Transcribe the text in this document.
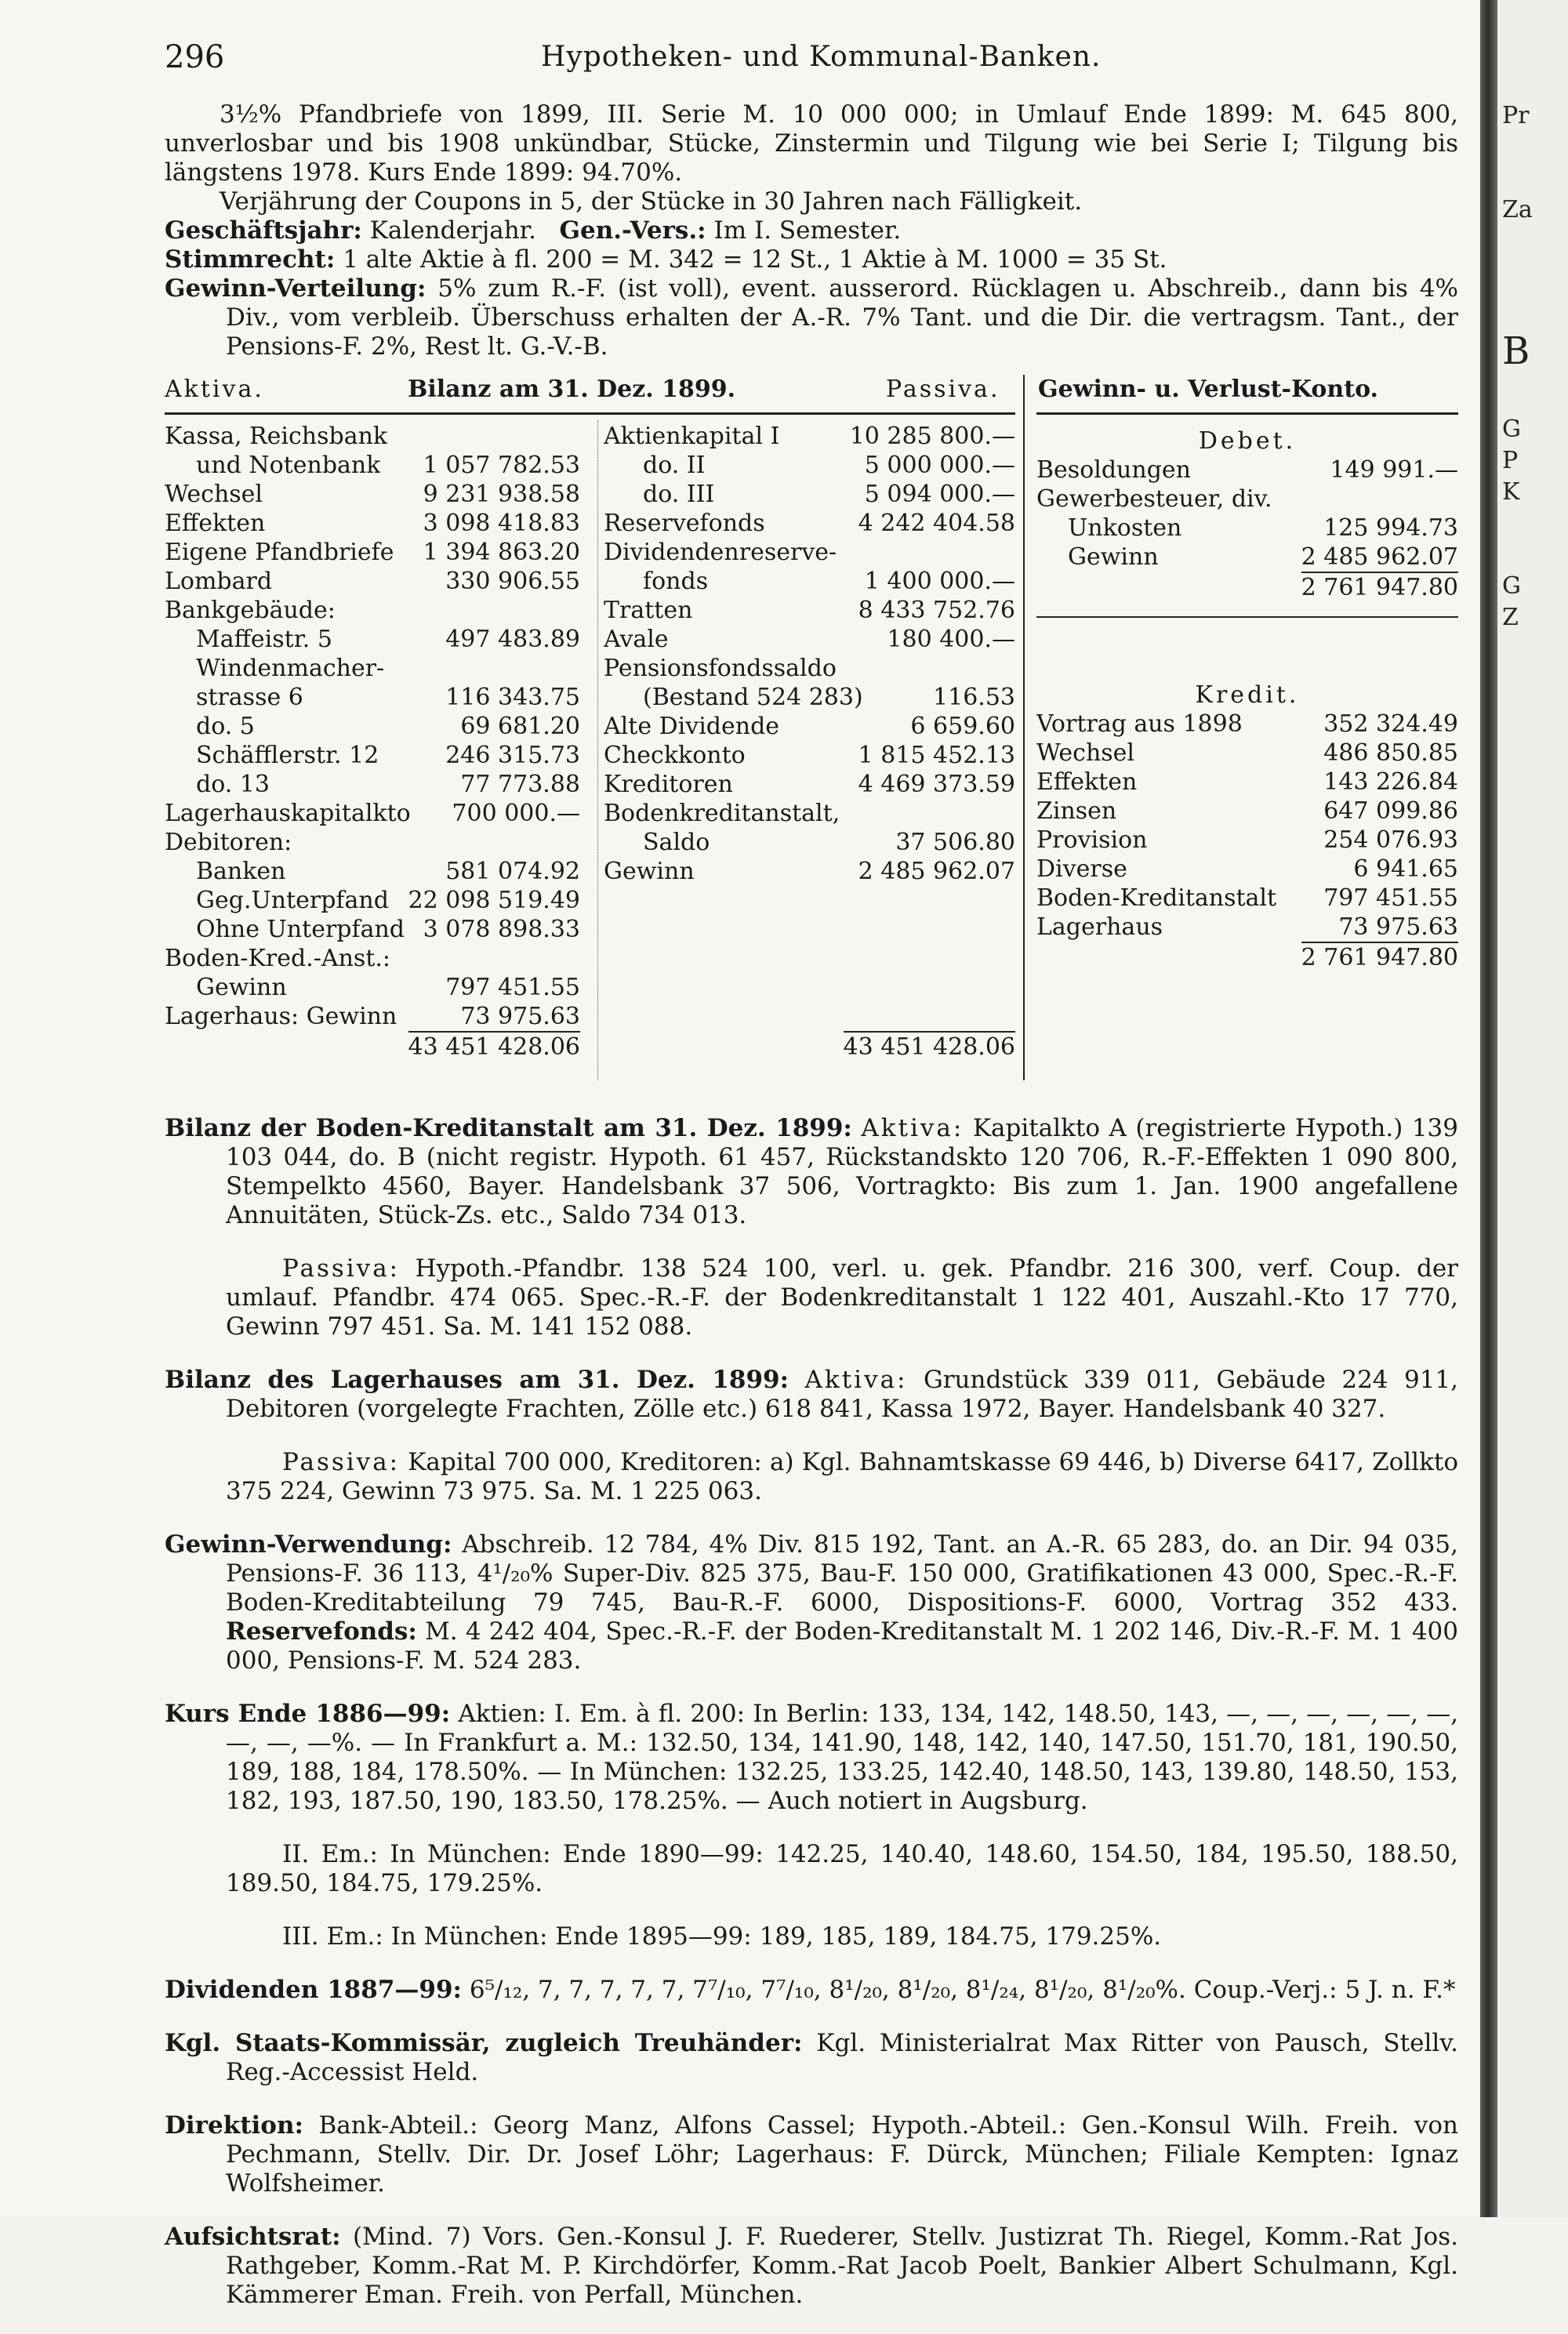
296	Hypotheken- und Kommunal-Banken.

3½% Pfandbriefe von 1899, III. Serie M. 10 000 000; in Umlauf Ende 1899: M. 645 800, unverlosbar und bis 1908 unkündbar, Stücke, Zinstermin und Tilgung wie bei Serie I; Tilgung bis längstens 1978. Kurs Ende 1899: 94.70%.

Verjährung der Coupons in 5, der Stücke in 30 Jahren nach Fälligkeit.

Geschäftsjahr: Kalenderjahr. Gen.-Vers.: Im I. Semester.

Stimmrecht: 1 alte Aktie à fl. 200 = M. 342 = 12 St., 1 Aktie à M. 1000 = 35 St.

Gewinn-Verteilung: 5% zum R.-F. (ist voll), event. ausserord. Rücklagen u. Abschreib., dann bis 4% Div., vom verbleib. Überschuss erhalten der A.-R. 7% Tant. und die Dir. die vertragsm. Tant., der Pensions-F. 2%, Rest lt. G.-V.-B.

Aktiva.	Bilanz am 31. Dez. 1899.	Passiva. Gewinn- u. Verlust-Konto.
Kassa, Reichsbank
und Notenbank 1 057 782.53
Wechsel	9 231 938.58
Effekten	3 098 418.83
Eigene Pfandbriefe 1 394 863.20
Lombard	330 906.55
Bankgebäude:
Maffeistr. 5	497 483.89
Windenmacher-
strasse 6	116 343.75
do. 5	69 681.20
Schäfflerstr. 12	246 315.73
do. 13	77 773.88
Lagerhauskapitalkto 700 000.—
Debitoren:
Banken	581 074.92
Geg.Unterpfand 22 098 519.49
Ohne Unterpfand 3 078 898.33
Boden-Kred.-Anst.:
Gewinn	797 451.55
Lagerhaus: Gewinn	73 975.63
43 451 428.06
Aktienkapital I	10 285 800.—
do. II	5 000 000.—
do. III	5 094 000.—
Reservefonds	4 242 404.58
Dividendenreserve-
fonds	1 400 000.—
Tratten	8 433 752.76
Avale	180 400.—
Pensionsfondssaldo
(Bestand 524 283)	116.53
Alte Dividende	6 659.60
Checkkonto	1 815 452.13
Kreditoren	4 469 373.59
Bodenkreditanstalt,
Saldo	37 506.80
Gewinn	2 485 962.07
43 451 428.06
Debet.
Besoldungen	149 991.—
Gewerbesteuer, div.
Unkosten	125 994.73
Gewinn	2 485 962.07
2 761 947.80
Kredit.
Vortrag aus 1898	352 324.49
Wechsel	486 850.85
Effekten	143 226.84
Zinsen	647 099.86
Provision	254 076.93
Diverse	6 941.65
Boden-Kreditanstalt 797 451.55
Lagerhaus	73 975.63
2 761 947.80

Bilanz der Boden-Kreditanstalt am 31. Dez. 1899: Aktiva: Kapitalkto A (registrierte Hypoth.) 139 103 044, do. B (nicht registr. Hypoth. 61 457, Rückstandskto 120 706, R.-F.-Effekten 1 090 800, Stempelkto 4560, Bayer. Handelsbank 37 506, Vortragkto: Bis zum 1. Jan. 1900 angefallene Annuitäten, Stück-Zs. etc., Saldo 734 013.

Passiva: Hypoth.-Pfandbr. 138 524 100, verl. u. gek. Pfandbr. 216 300, verf. Coup. der umlauf. Pfandbr. 474 065. Spec.-R.-F. der Bodenkreditanstalt 1 122 401, Auszahl.-Kto 17 770, Gewinn 797 451. Sa. M. 141 152 088.

Bilanz des Lagerhauses am 31. Dez. 1899: Aktiva: Grundstück 339 011, Gebäude 224 911, Debitoren (vorgelegte Frachten, Zölle etc.) 618 841, Kassa 1972, Bayer. Handelsbank 40 327.

Passiva: Kapital 700 000, Kreditoren: a) Kgl. Bahnamtskasse 69 446, b) Diverse 6417, Zollkto 375 224, Gewinn 73 975. Sa. M. 1 225 063.

Gewinn-Verwendung: Abschreib. 12 784, 4% Div. 815 192, Tant. an A.-R. 65 283, do. an Dir. 94 035, Pensions-F. 36 113, 4¹/₂₀% Super-Div. 825 375, Bau-F. 150 000, Gratifikationen 43 000, Spec.-R.-F. Boden-Kreditabteilung 79 745, Bau-R.-F. 6000, Dispositions-F. 6000, Vortrag 352 433. Reservefonds: M. 4 242 404, Spec.-R.-F. der Boden-Kreditanstalt M. 1 202 146, Div.-R.-F. M. 1 400 000, Pensions-F. M. 524 283.

Kurs Ende 1886—99: Aktien: I. Em. à fl. 200: In Berlin: 133, 134, 142, 148.50, 143, —, —, —, —, —, —, —, —, —%. — In Frankfurt a. M.: 132.50, 134, 141.90, 148, 142, 140, 147.50, 151.70, 181, 190.50, 189, 188, 184, 178.50%. — In München: 132.25, 133.25, 142.40, 148.50, 143, 139.80, 148.50, 153, 182, 193, 187.50, 190, 183.50, 178.25%. — Auch notiert in Augsburg.

II. Em.: In München: Ende 1890—99: 142.25, 140.40, 148.60, 154.50, 184, 195.50, 188.50, 189.50, 184.75, 179.25%.

III. Em.: In München: Ende 1895—99: 189, 185, 189, 184.75, 179.25%.

Dividenden 1887—99: 6⁵/₁₂, 7, 7, 7, 7, 7, 7⁷/₁₀, 7⁷/₁₀, 8¹/₂₀, 8¹/₂₀, 8¹/₂₄, 8¹/₂₀, 8¹/₂₀%. Coup.-Verj.: 5 J. n. F.*

Kgl. Staats-Kommissär, zugleich Treuhänder: Kgl. Ministerialrat Max Ritter von Pausch, Stellv. Reg.-Accessist Held.

Direktion: Bank-Abteil.: Georg Manz, Alfons Cassel; Hypoth.-Abteil.: Gen.-Konsul Wilh. Freih. von Pechmann, Stellv. Dir. Dr. Josef Löhr; Lagerhaus: F. Dürck, München; Filiale Kempten: Ignaz Wolfsheimer.

Aufsichtsrat: (Mind. 7) Vors. Gen.-Konsul J. F. Ruederer, Stellv. Justizrat Th. Riegel, Komm.-Rat Jos. Rathgeber, Komm.-Rat M. P. Kirchdörfer, Komm.-Rat Jacob Poelt, Bankier Albert Schulmann, Kgl. Kämmerer Eman. Freih. von Perfall, München.

Pr
Za
B
G
P
K
G
Z
